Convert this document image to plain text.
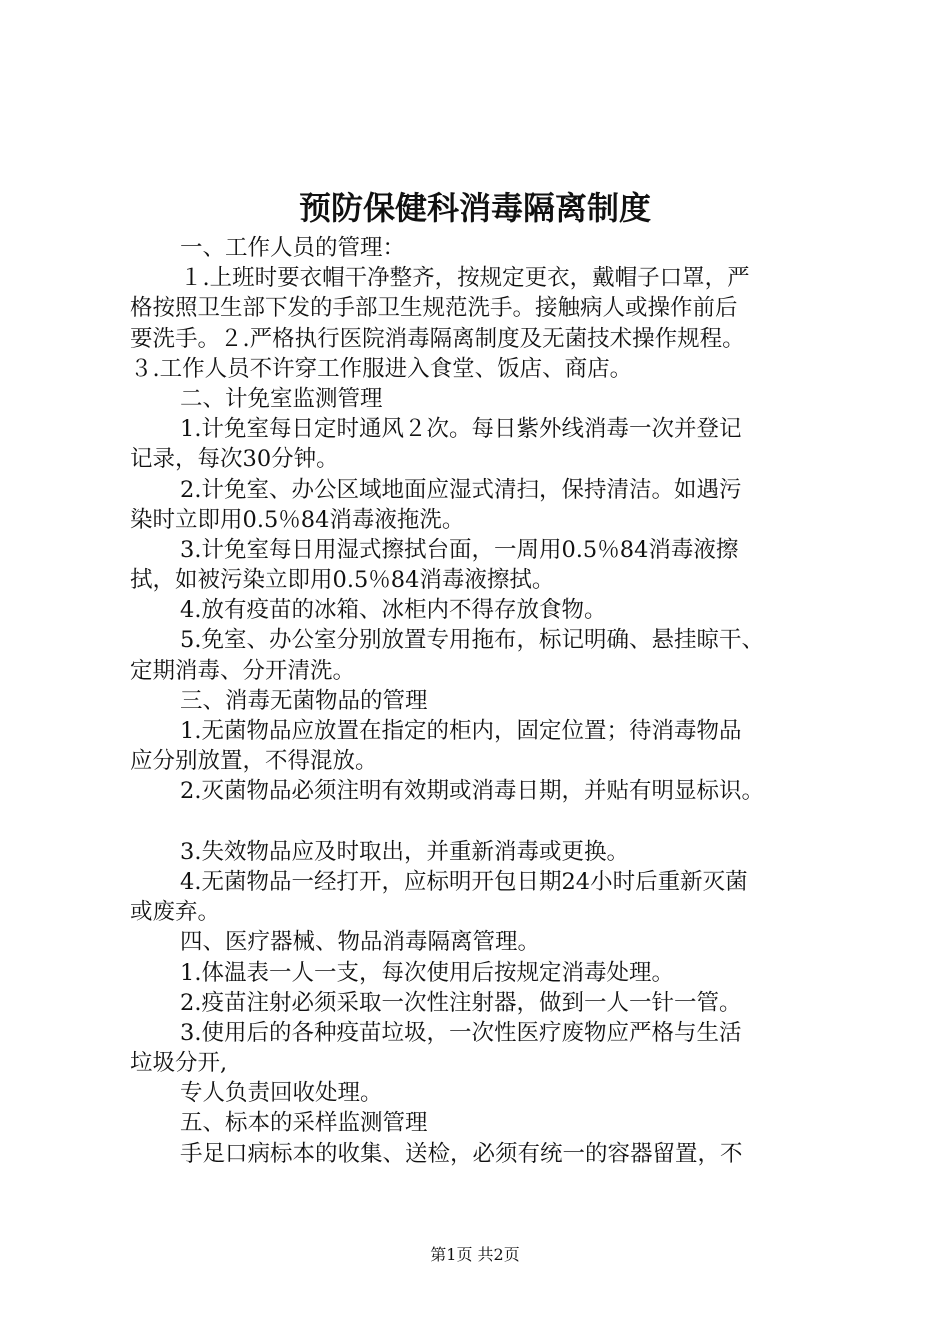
预防保健科消毒隔离制度
一、工作人员的管理：
１.上班时要衣帽干净整齐，按规定更衣，戴帽子口罩，严
格按照卫生部下发的手部卫生规范洗手。接触病人或操作前后
要洗手。２.严格执行医院消毒隔离制度及无菌技术操作规程。
３.工作人员不许穿工作服进入食堂、饭店、商店。
二、计免室监测管理
1.计免室每日定时通风２次。每日紫外线消毒一次并登记
记录，每次30分钟。
2.计免室、办公区域地面应湿式清扫，保持清洁。如遇污
染时立即用0.5％84消毒液拖洗。
3.计免室每日用湿式擦拭台面，一周用0.5％84消毒液擦
拭，如被污染立即用0.5％84消毒液擦拭。
4.放有疫苗的冰箱、冰柜内不得存放食物。
5.免室、办公室分别放置专用拖布，标记明确、悬挂晾干、
定期消毒、分开清洗。
三、消毒无菌物品的管理
1.无菌物品应放置在指定的柜内，固定位置；待消毒物品
应分别放置，不得混放。
2.灭菌物品必须注明有效期或消毒日期，并贴有明显标识。
3.失效物品应及时取出，并重新消毒或更换。
4.无菌物品一经打开，应标明开包日期24小时后重新灭菌
或废弃。
四、医疗器械、物品消毒隔离管理。
1.体温表一人一支，每次使用后按规定消毒处理。
2.疫苗注射必须采取一次性注射器，做到一人一针一管。
3.使用后的各种疫苗垃圾，一次性医疗废物应严格与生活
垃圾分开,
专人负责回收处理。
五、标本的采样监测管理
手足口病标本的收集、送检，必须有统一的容器留置，不
第1页 共2页
